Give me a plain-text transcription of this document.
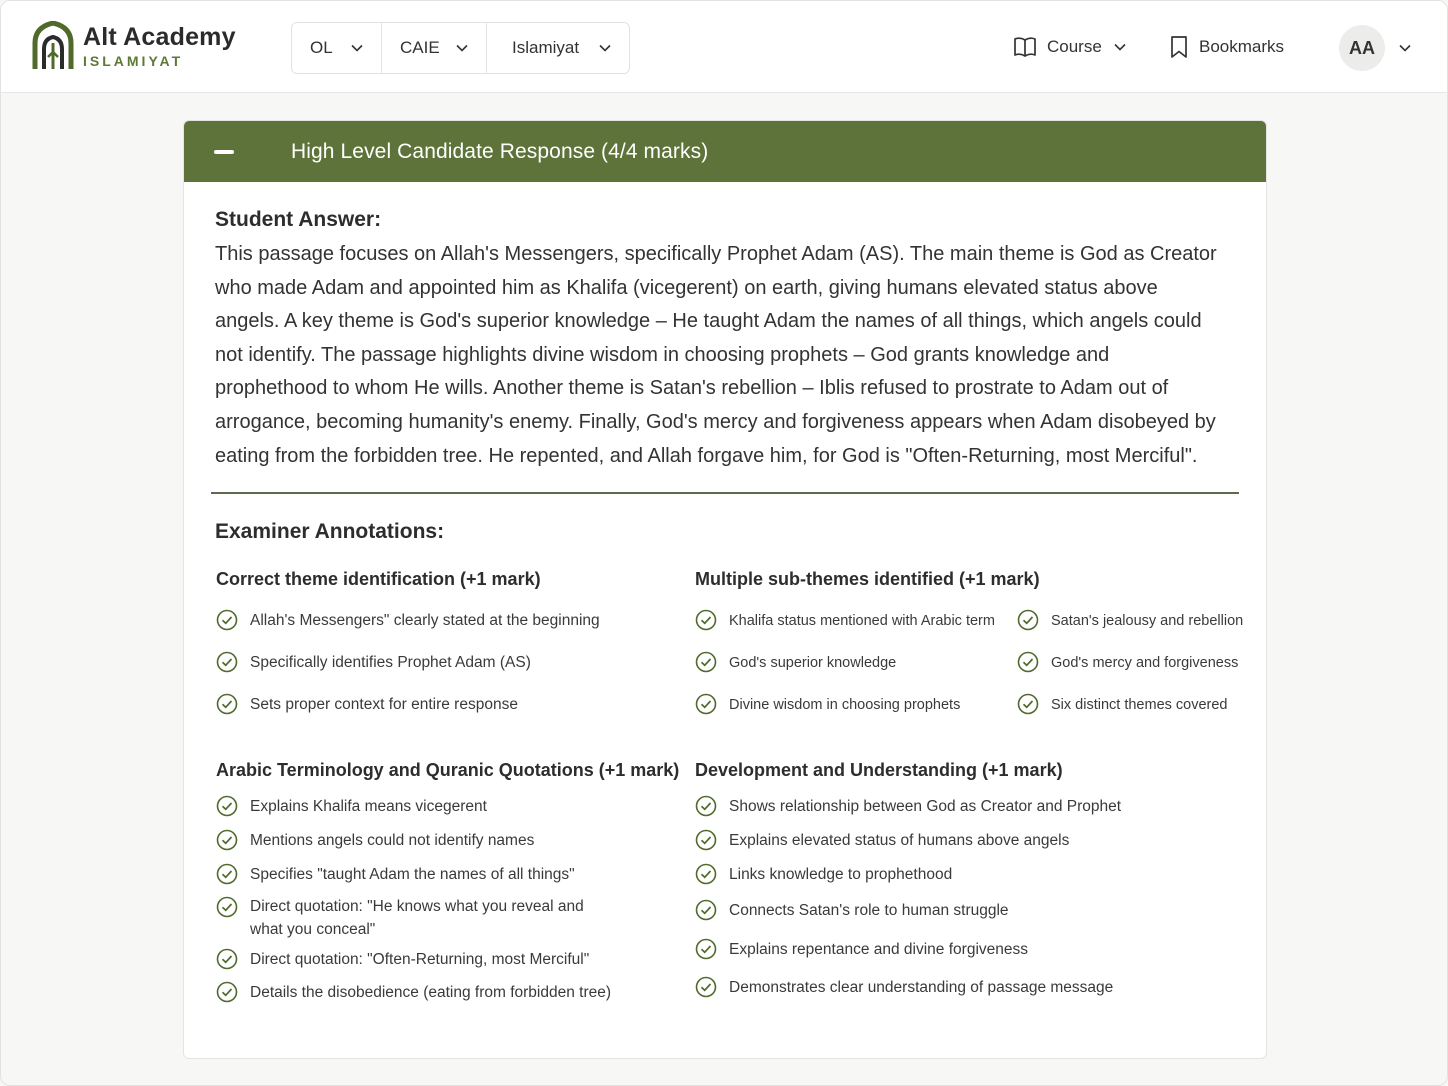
Alt Academy
ISLAMIYAT
OL	CAIE	Islamiyat	Course	Bookmarks	AA
High Level Candidate Response (4/4 marks)
Student Answer:
This passage focuses on Allah's Messengers, specifically Prophet Adam (AS). The main theme is God as Creator who made Adam and appointed him as Khalifa (vicegerent) on earth, giving humans elevated status above angels. A key theme is God's superior knowledge – He taught Adam the names of all things, which angels could not identify. The passage highlights divine wisdom in choosing prophets – God grants knowledge and prophethood to whom He wills. Another theme is Satan's rebellion – Iblis refused to prostrate to Adam out of arrogance, becoming humanity's enemy. Finally, God's mercy and forgiveness appears when Adam disobeyed by eating from the forbidden tree. He repented, and Allah forgave him, for God is "Often-Returning, most Merciful".
Examiner Annotations:
Correct theme identification (+1 mark)
Allah's Messengers" clearly stated at the beginning
Specifically identifies Prophet Adam (AS)
Sets proper context for entire response
Multiple sub-themes identified (+1 mark)
Khalifa status mentioned with Arabic term
God's superior knowledge
Divine wisdom in choosing prophets
Satan's jealousy and rebellion
God's mercy and forgiveness
Six distinct themes covered
Arabic Terminology and Quranic Quotations (+1 mark)
Explains Khalifa means vicegerent
Mentions angels could not identify names
Specifies "taught Adam the names of all things"
Direct quotation: "He knows what you reveal and what you conceal"
Direct quotation: "Often-Returning, most Merciful"
Details the disobedience (eating from forbidden tree)
Development and Understanding (+1 mark)
Shows relationship between God as Creator and Prophet
Explains elevated status of humans above angels
Links knowledge to prophethood
Connects Satan's role to human struggle
Explains repentance and divine forgiveness
Demonstrates clear understanding of passage message
